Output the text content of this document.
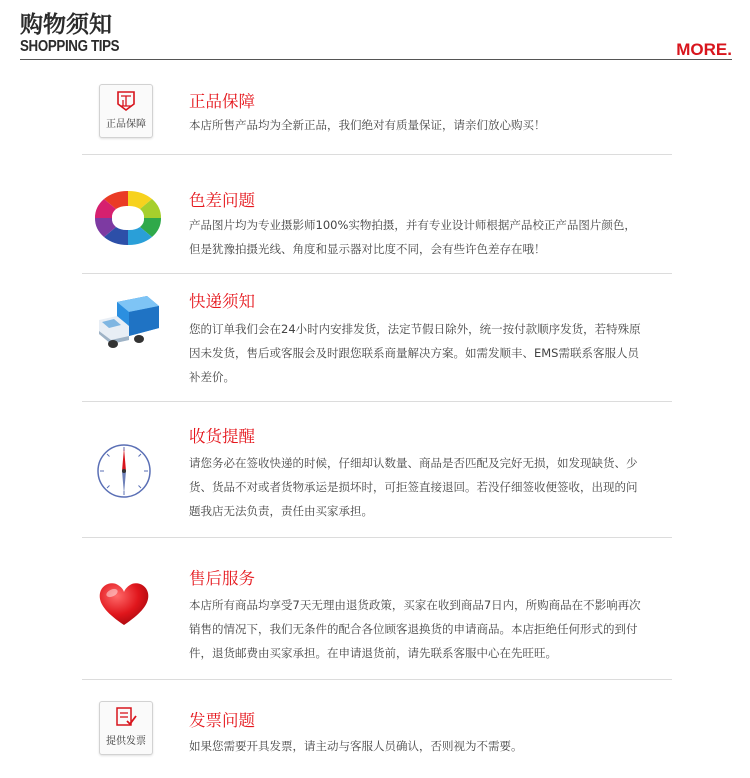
购物须知
SHOPPING TIPS	MORE.
正品保障
正品保障
本店所售产品均为全新正品，我们绝对有质量保证，请亲们放心购买！
色差问题
产品图片均为专业摄影师100%实物拍摄，并有专业设计师根据产品校正产品图片颜色，
但是犹豫拍摄光线、角度和显示器对比度不同，会有些许色差存在哦！
快递须知
您的订单我们会在24小时内安排发货，法定节假日除外，统一按付款顺序发货，若特殊原
因未发货，售后或客服会及时跟您联系商量解决方案。如需发顺丰、EMS需联系客服人员
补差价。
收货提醒
请您务必在签收快递的时候，仔细却认数量、商品是否匹配及完好无损，如发现缺货、少
货、货品不对或者货物承运是损坏时，可拒签直接退回。若没仔细签收便签收，出现的问
题我店无法负责，责任由买家承担。
售后服务
本店所有商品均享受7天无理由退货政策，买家在收到商品7日内，所购商品在不影响再次
销售的情况下，我们无条件的配合各位顾客退换货的申请商品。本店拒绝任何形式的到付
件，退货邮费由买家承担。在申请退货前，请先联系客服中心在先旺旺。
提供发票
发票问题
如果您需要开具发票，请主动与客服人员确认，否则视为不需要。
